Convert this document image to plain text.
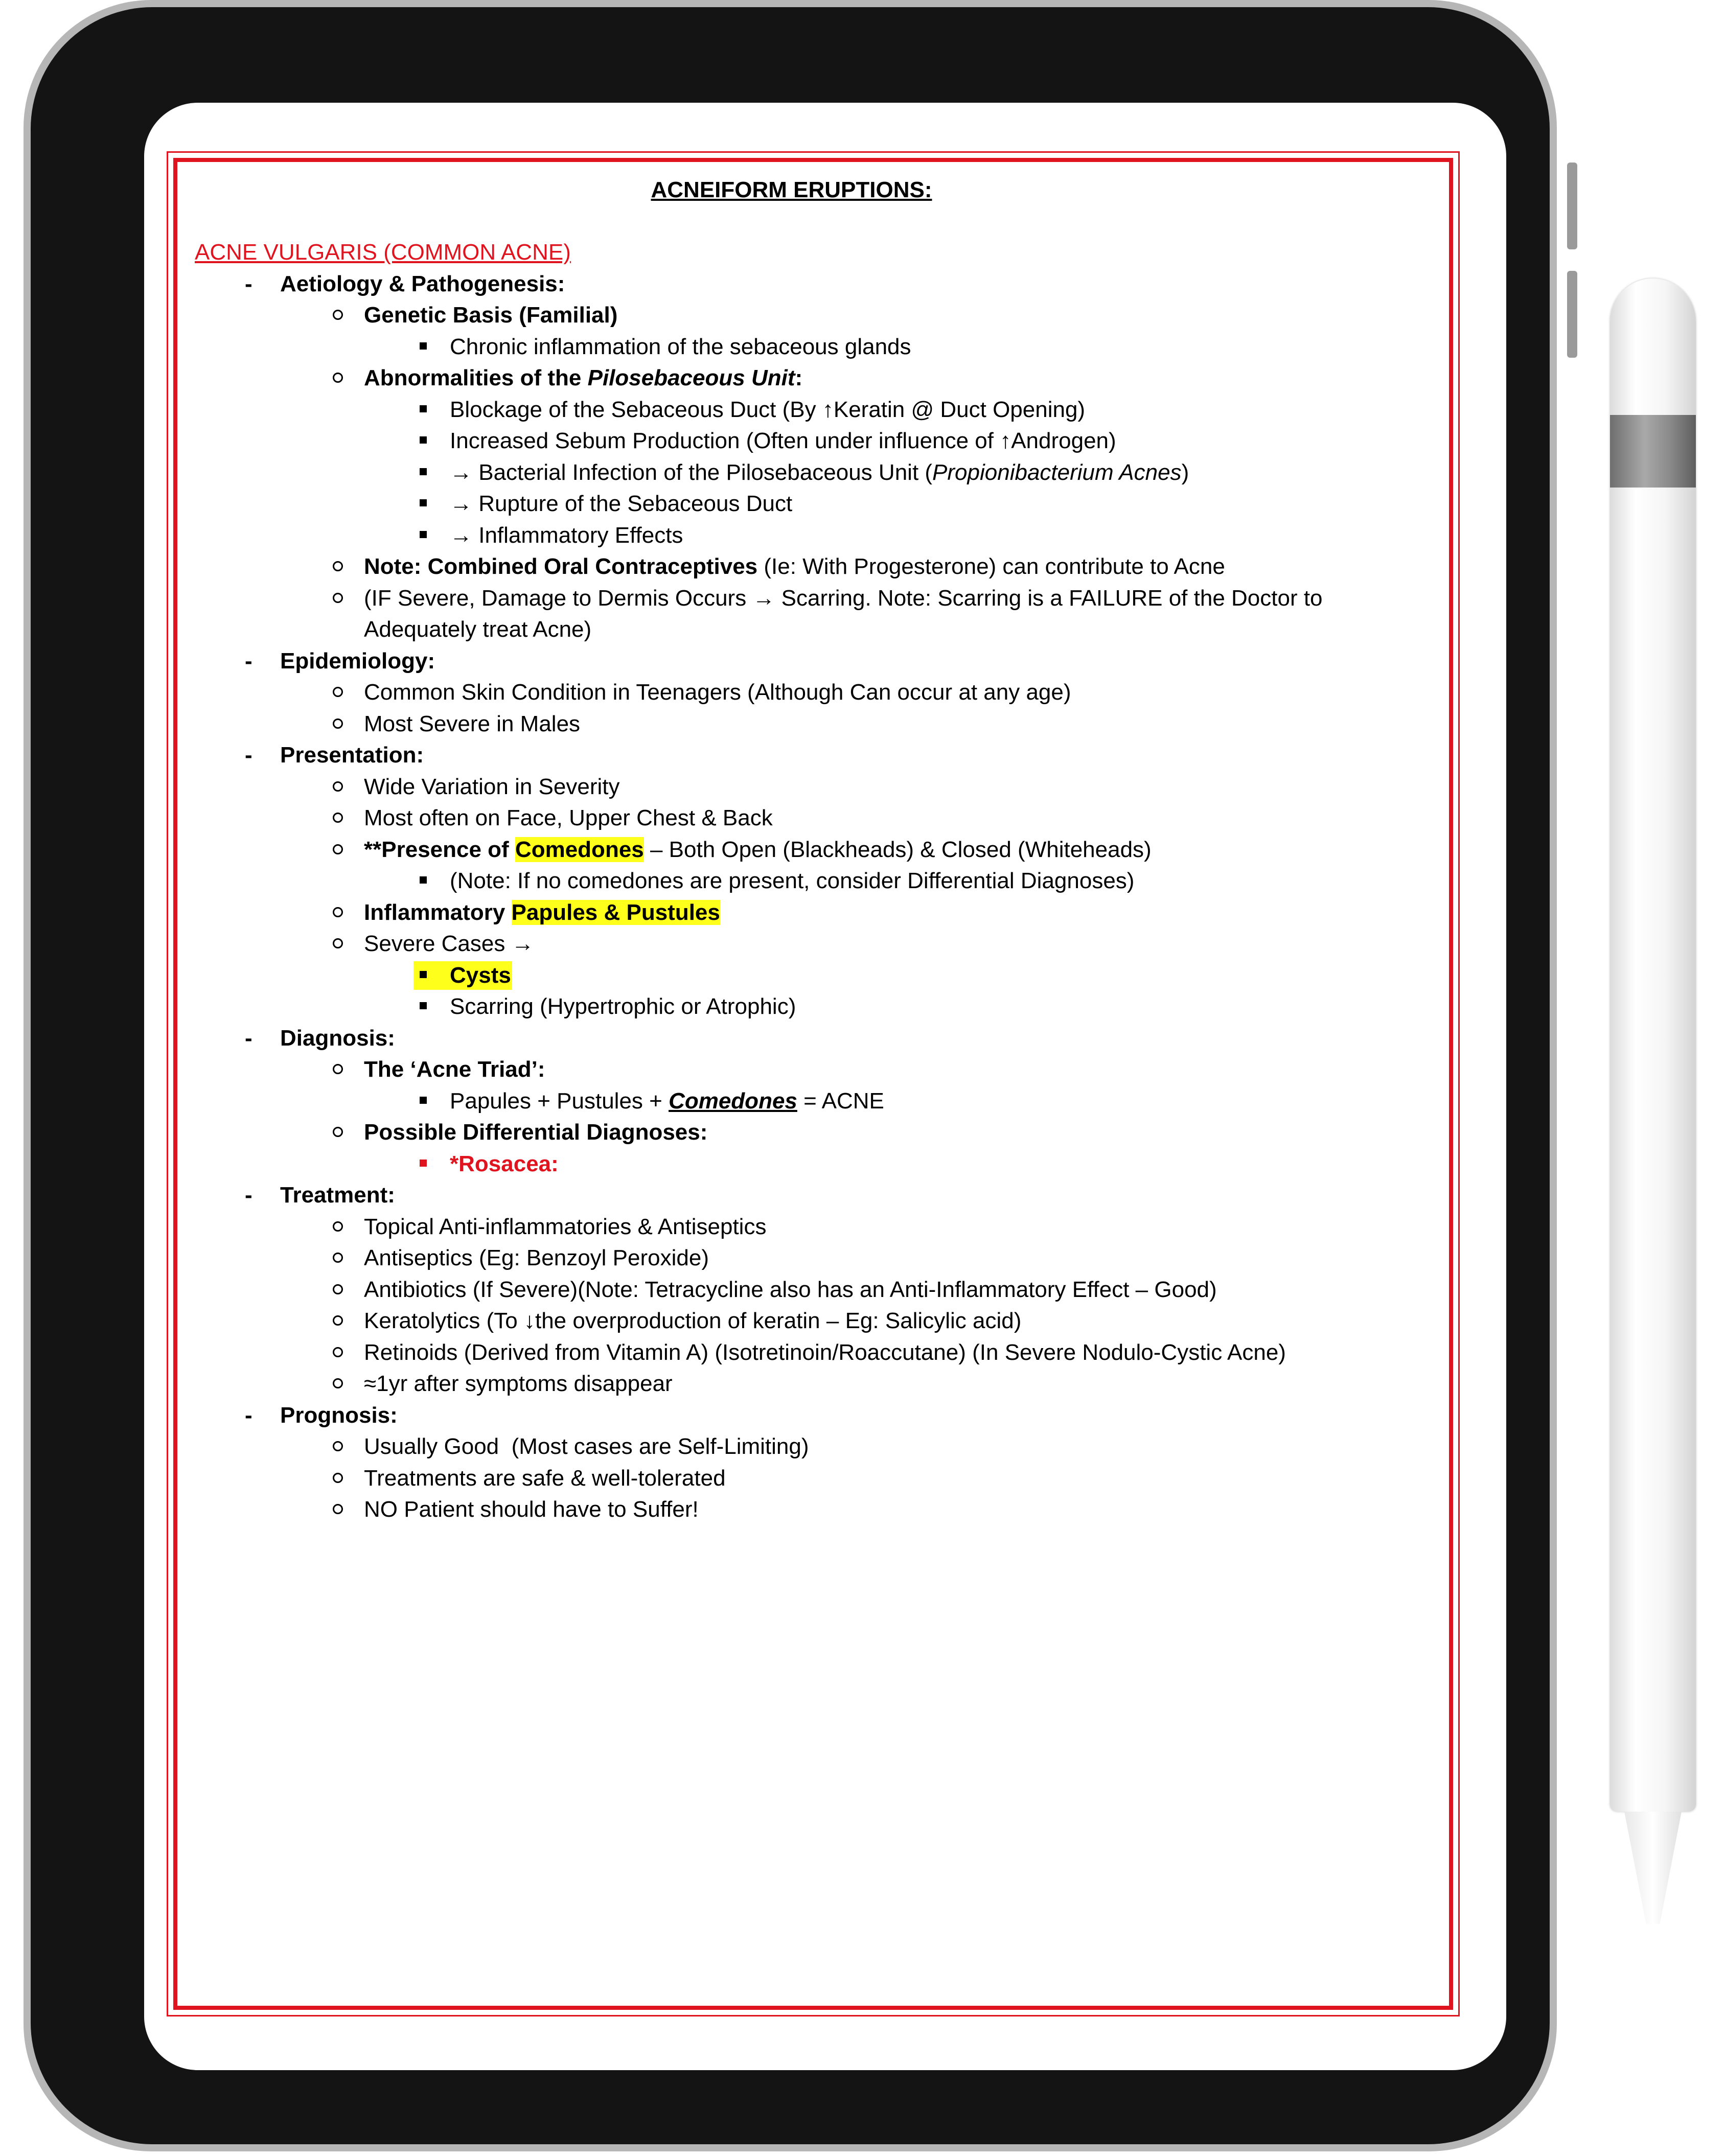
ACNEIFORM ERUPTIONS:
ACNE VULGARIS (COMMON ACNE)
- Aetiology & Pathogenesis:
Genetic Basis (Familial)
Chronic inflammation of the sebaceous glands
Abnormalities of the Pilosebaceous Unit:
Blockage of the Sebaceous Duct (By ↑Keratin @ Duct Opening)
Increased Sebum Production (Often under influence of ↑Androgen)
→ Bacterial Infection of the Pilosebaceous Unit (Propionibacterium Acnes)
→ Rupture of the Sebaceous Duct
→ Inflammatory Effects
Note: Combined Oral Contraceptives (Ie: With Progesterone) can contribute to Acne
(IF Severe, Damage to Dermis Occurs → Scarring. Note: Scarring is a FAILURE of the Doctor to
Adequately treat Acne)
- Epidemiology:
Common Skin Condition in Teenagers (Although Can occur at any age)
Most Severe in Males
- Presentation:
Wide Variation in Severity
Most often on Face, Upper Chest & Back
**Presence of Comedones – Both Open (Blackheads) & Closed (Whiteheads)
(Note: If no comedones are present, consider Differential Diagnoses)
Inflammatory Papules & Pustules
Severe Cases →
Cysts
Scarring (Hypertrophic or Atrophic)
- Diagnosis:
The ‘Acne Triad’:
Papules + Pustules + Comedones = ACNE
Possible Differential Diagnoses:
*Rosacea:
- Treatment:
Topical Anti-inflammatories & Antiseptics
Antiseptics (Eg: Benzoyl Peroxide)
Antibiotics (If Severe)(Note: Tetracycline also has an Anti-Inflammatory Effect – Good)
Keratolytics (To ↓the overproduction of keratin – Eg: Salicylic acid)
Retinoids (Derived from Vitamin A) (Isotretinoin/Roaccutane) (In Severe Nodulo-Cystic Acne)
≈1yr after symptoms disappear
- Prognosis:
Usually Good  (Most cases are Self-Limiting)
Treatments are safe & well-tolerated
NO Patient should have to Suffer!
